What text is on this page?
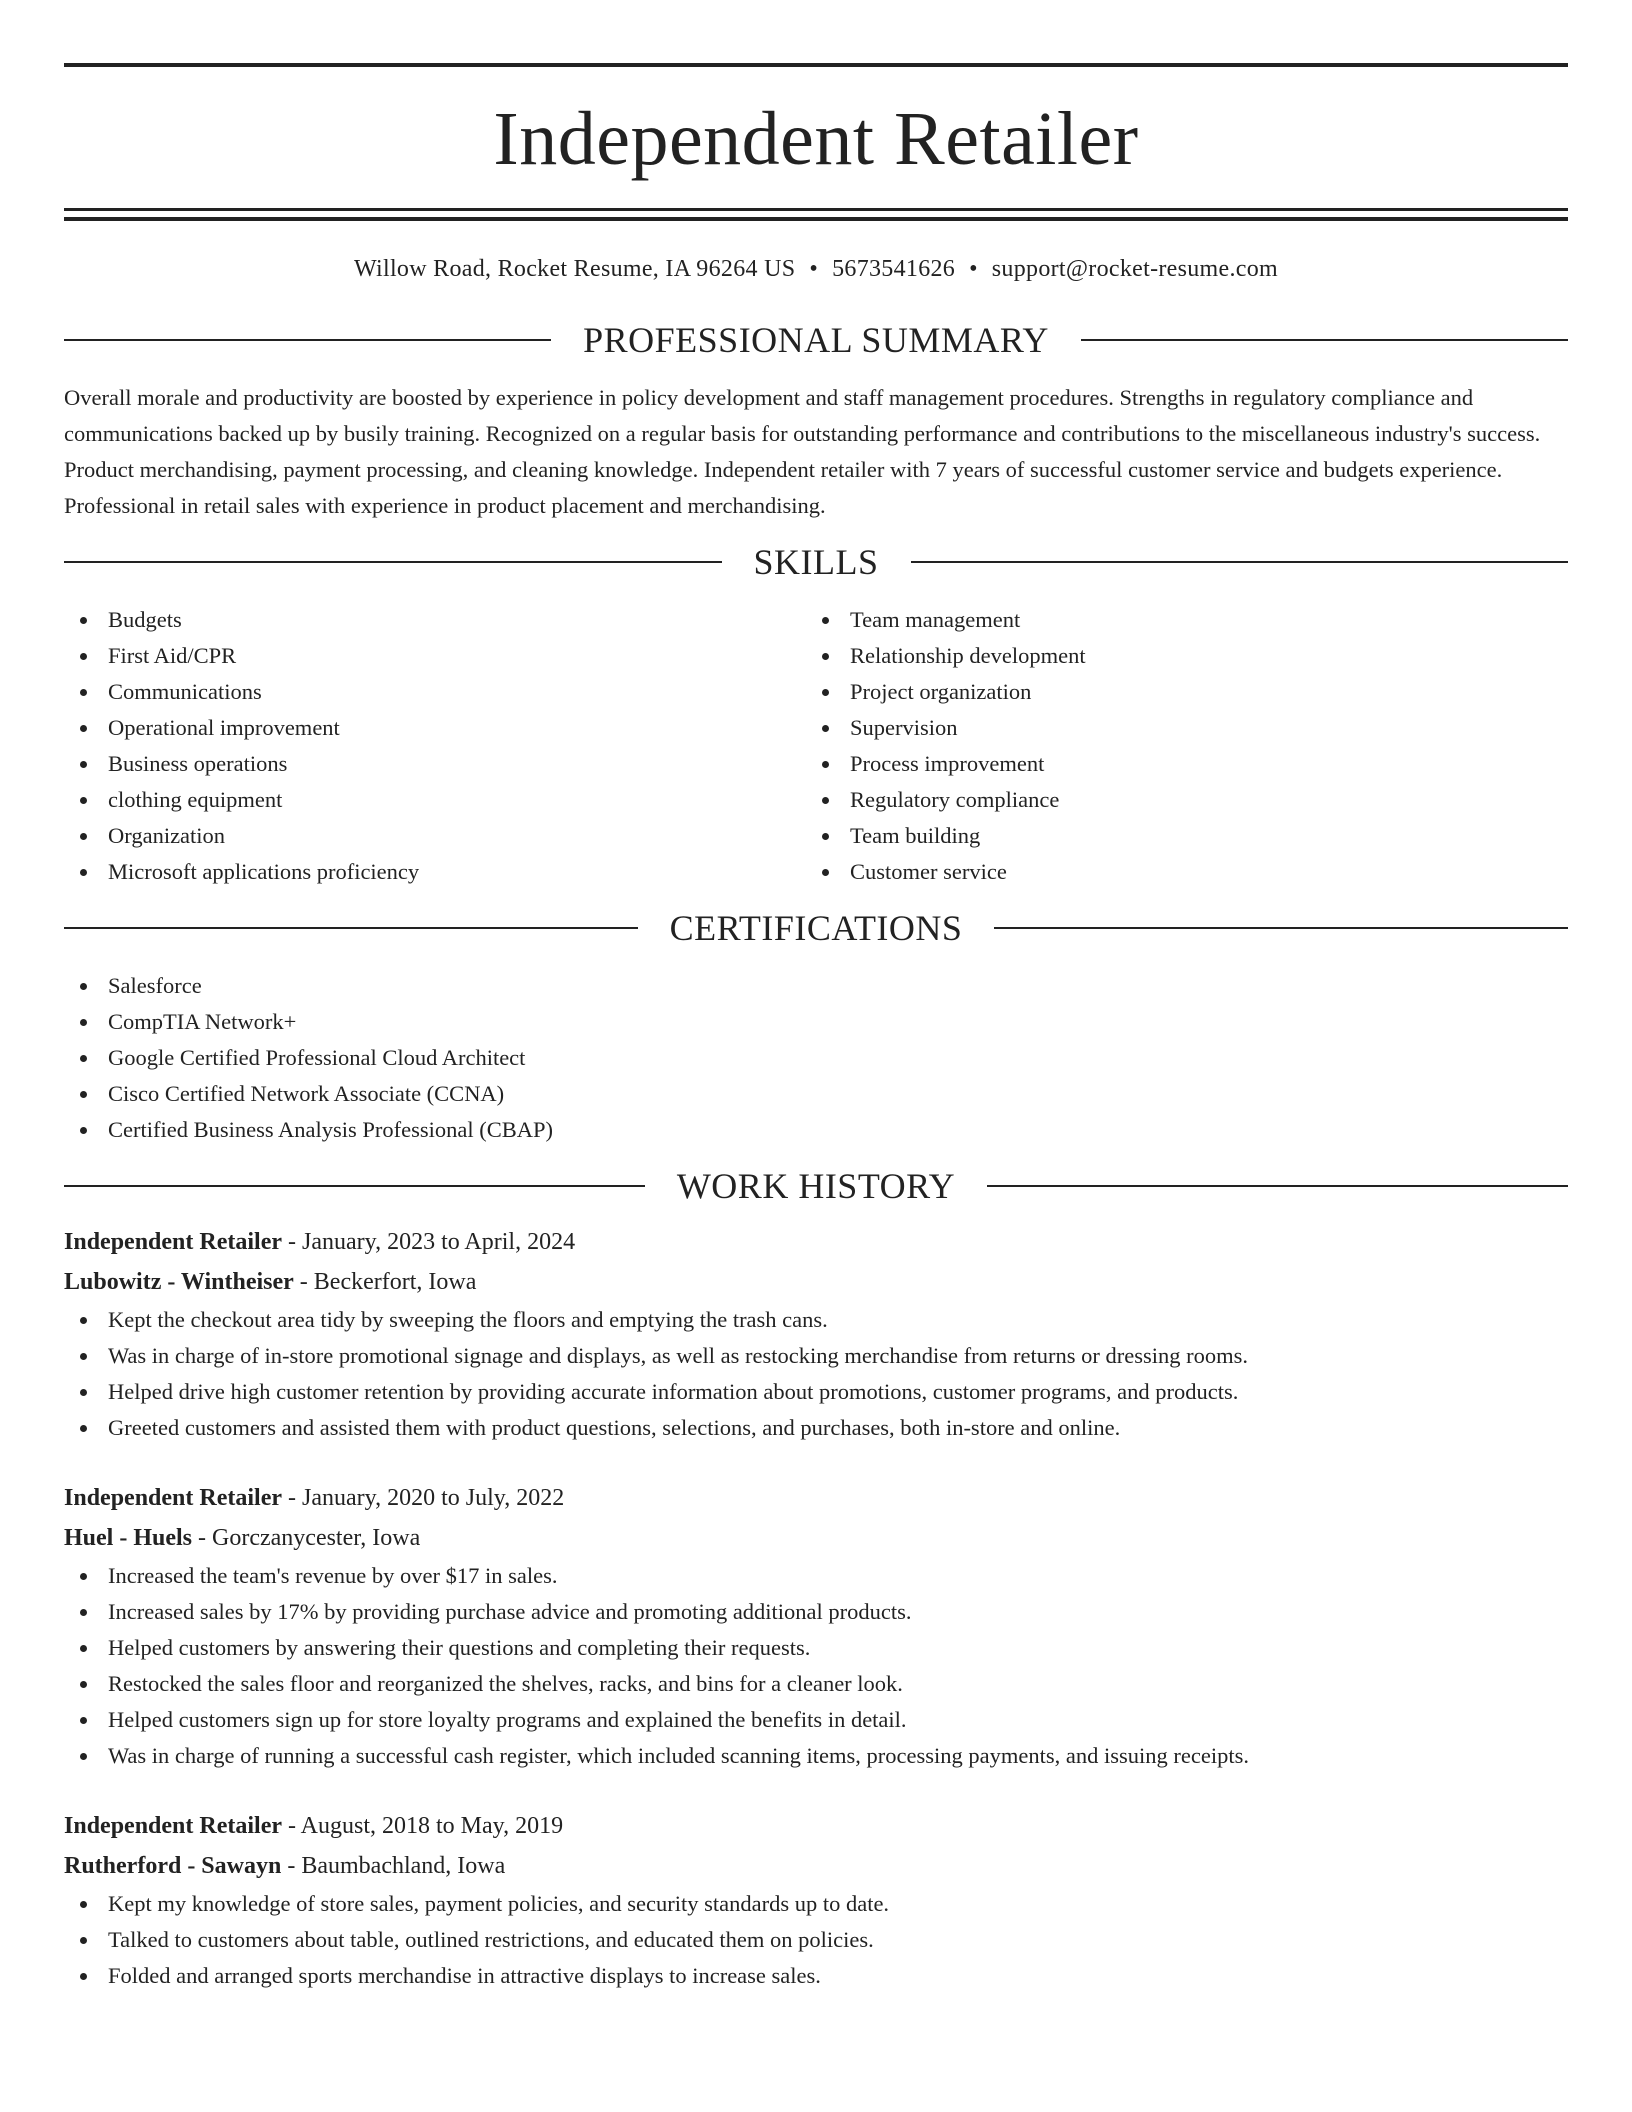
Independent Retailer
Willow Road, Rocket Resume, IA 96264 US • 5673541626 • support@rocket-resume.com
PROFESSIONAL SUMMARY
Overall morale and productivity are boosted by experience in policy development and staff management procedures. Strengths in regulatory compliance and communications backed up by busily training. Recognized on a regular basis for outstanding performance and contributions to the miscellaneous industry's success. Product merchandising, payment processing, and cleaning knowledge. Independent retailer with 7 years of successful customer service and budgets experience. Professional in retail sales with experience in product placement and merchandising.
SKILLS
Budgets
First Aid/CPR
Communications
Operational improvement
Business operations
clothing equipment
Organization
Microsoft applications proficiency
Team management
Relationship development
Project organization
Supervision
Process improvement
Regulatory compliance
Team building
Customer service
CERTIFICATIONS
Salesforce
CompTIA Network+
Google Certified Professional Cloud Architect
Cisco Certified Network Associate (CCNA)
Certified Business Analysis Professional (CBAP)
WORK HISTORY
Independent Retailer - January, 2023 to April, 2024
Lubowitz - Wintheiser - Beckerfort, Iowa
Kept the checkout area tidy by sweeping the floors and emptying the trash cans.
Was in charge of in-store promotional signage and displays, as well as restocking merchandise from returns or dressing rooms.
Helped drive high customer retention by providing accurate information about promotions, customer programs, and products.
Greeted customers and assisted them with product questions, selections, and purchases, both in-store and online.
Independent Retailer - January, 2020 to July, 2022
Huel - Huels - Gorczanycester, Iowa
Increased the team's revenue by over $17 in sales.
Increased sales by 17% by providing purchase advice and promoting additional products.
Helped customers by answering their questions and completing their requests.
Restocked the sales floor and reorganized the shelves, racks, and bins for a cleaner look.
Helped customers sign up for store loyalty programs and explained the benefits in detail.
Was in charge of running a successful cash register, which included scanning items, processing payments, and issuing receipts.
Independent Retailer - August, 2018 to May, 2019
Rutherford - Sawayn - Baumbachland, Iowa
Kept my knowledge of store sales, payment policies, and security standards up to date.
Talked to customers about table, outlined restrictions, and educated them on policies.
Folded and arranged sports merchandise in attractive displays to increase sales.
